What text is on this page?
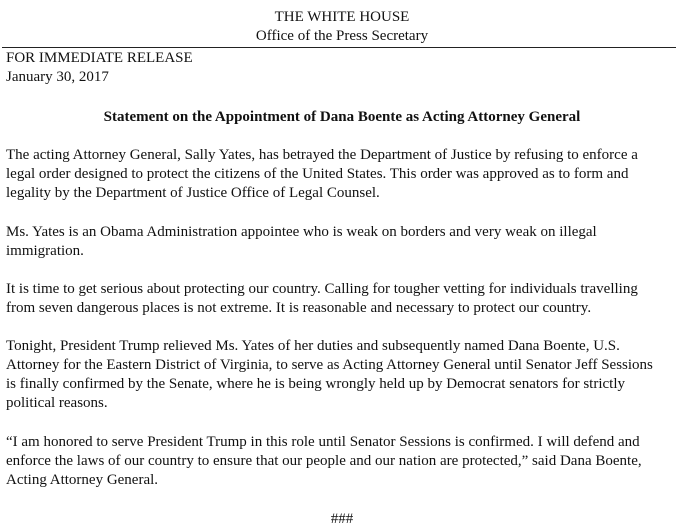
THE WHITE HOUSE
Office of the Press Secretary
FOR IMMEDIATE RELEASE
January 30, 2017
Statement on the Appointment of Dana Boente as Acting Attorney General
The acting Attorney General, Sally Yates, has betrayed the Department of Justice by refusing to enforce a
legal order designed to protect the citizens of the United States. This order was approved as to form and
legality by the Department of Justice Office of Legal Counsel.
Ms. Yates is an Obama Administration appointee who is weak on borders and very weak on illegal
immigration.
It is time to get serious about protecting our country. Calling for tougher vetting for individuals travelling
from seven dangerous places is not extreme. It is reasonable and necessary to protect our country.
Tonight, President Trump relieved Ms. Yates of her duties and subsequently named Dana Boente, U.S.
Attorney for the Eastern District of Virginia, to serve as Acting Attorney General until Senator Jeff Sessions
is finally confirmed by the Senate, where he is being wrongly held up by Democrat senators for strictly
political reasons.
“I am honored to serve President Trump in this role until Senator Sessions is confirmed. I will defend and
enforce the laws of our country to ensure that our people and our nation are protected,” said Dana Boente,
Acting Attorney General.
###
